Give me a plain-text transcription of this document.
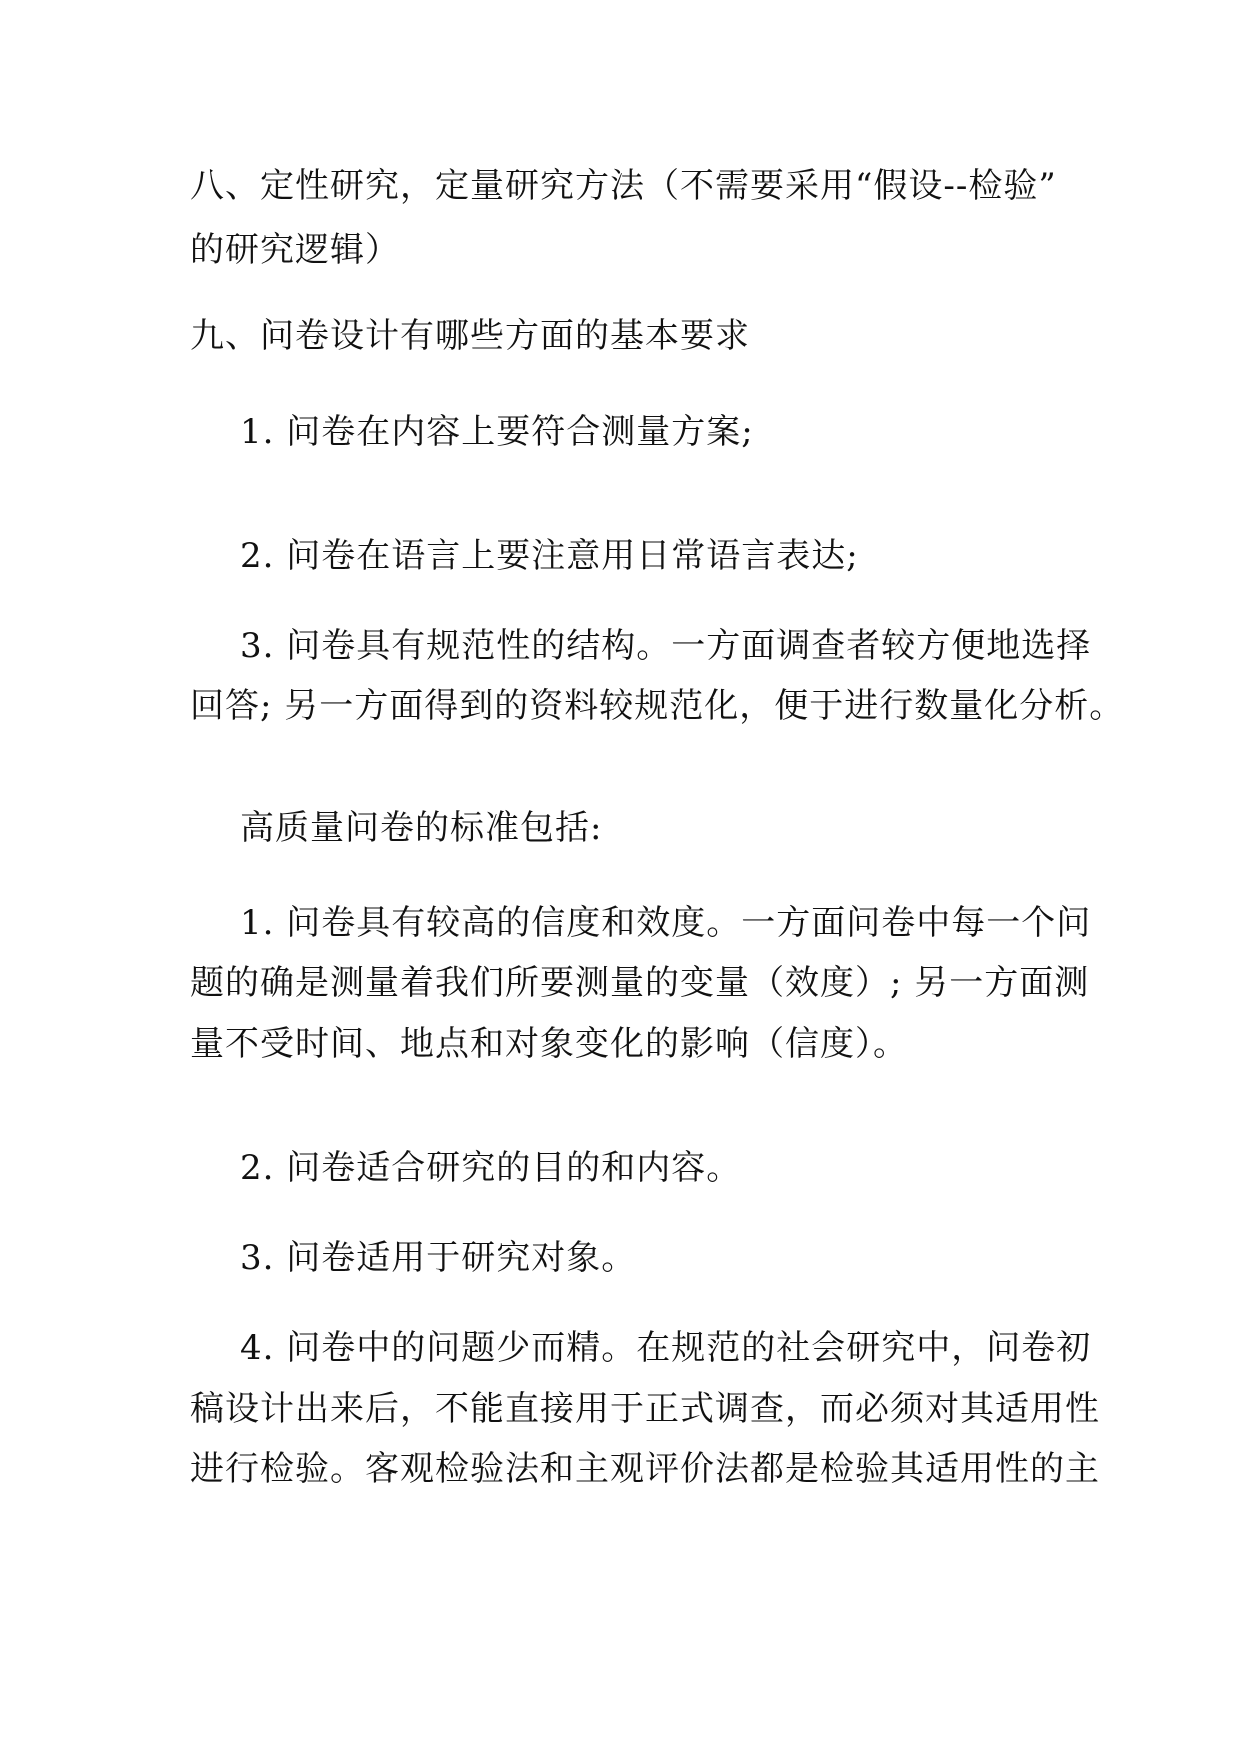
八、定性研究，定量研究方法（不需要采用“假设--检验”
的研究逻辑）
九、问卷设计有哪些方面的基本要求
1. 问卷在内容上要符合测量方案;
2. 问卷在语言上要注意用日常语言表达;
3. 问卷具有规范性的结构。一方面调查者较方便地选择
回答; 另一方面得到的资料较规范化，便于进行数量化分析。
高质量问卷的标准包括:
1. 问卷具有较高的信度和效度。一方面问卷中每一个问
题的确是测量着我们所要测量的变量（效度）; 另一方面测
量不受时间、地点和对象变化的影响（信度）。
2. 问卷适合研究的目的和内容。
3. 问卷适用于研究对象。
4. 问卷中的问题少而精。在规范的社会研究中，问卷初
稿设计出来后，不能直接用于正式调查，而必须对其适用性
进行检验。客观检验法和主观评价法都是检验其适用性的主
